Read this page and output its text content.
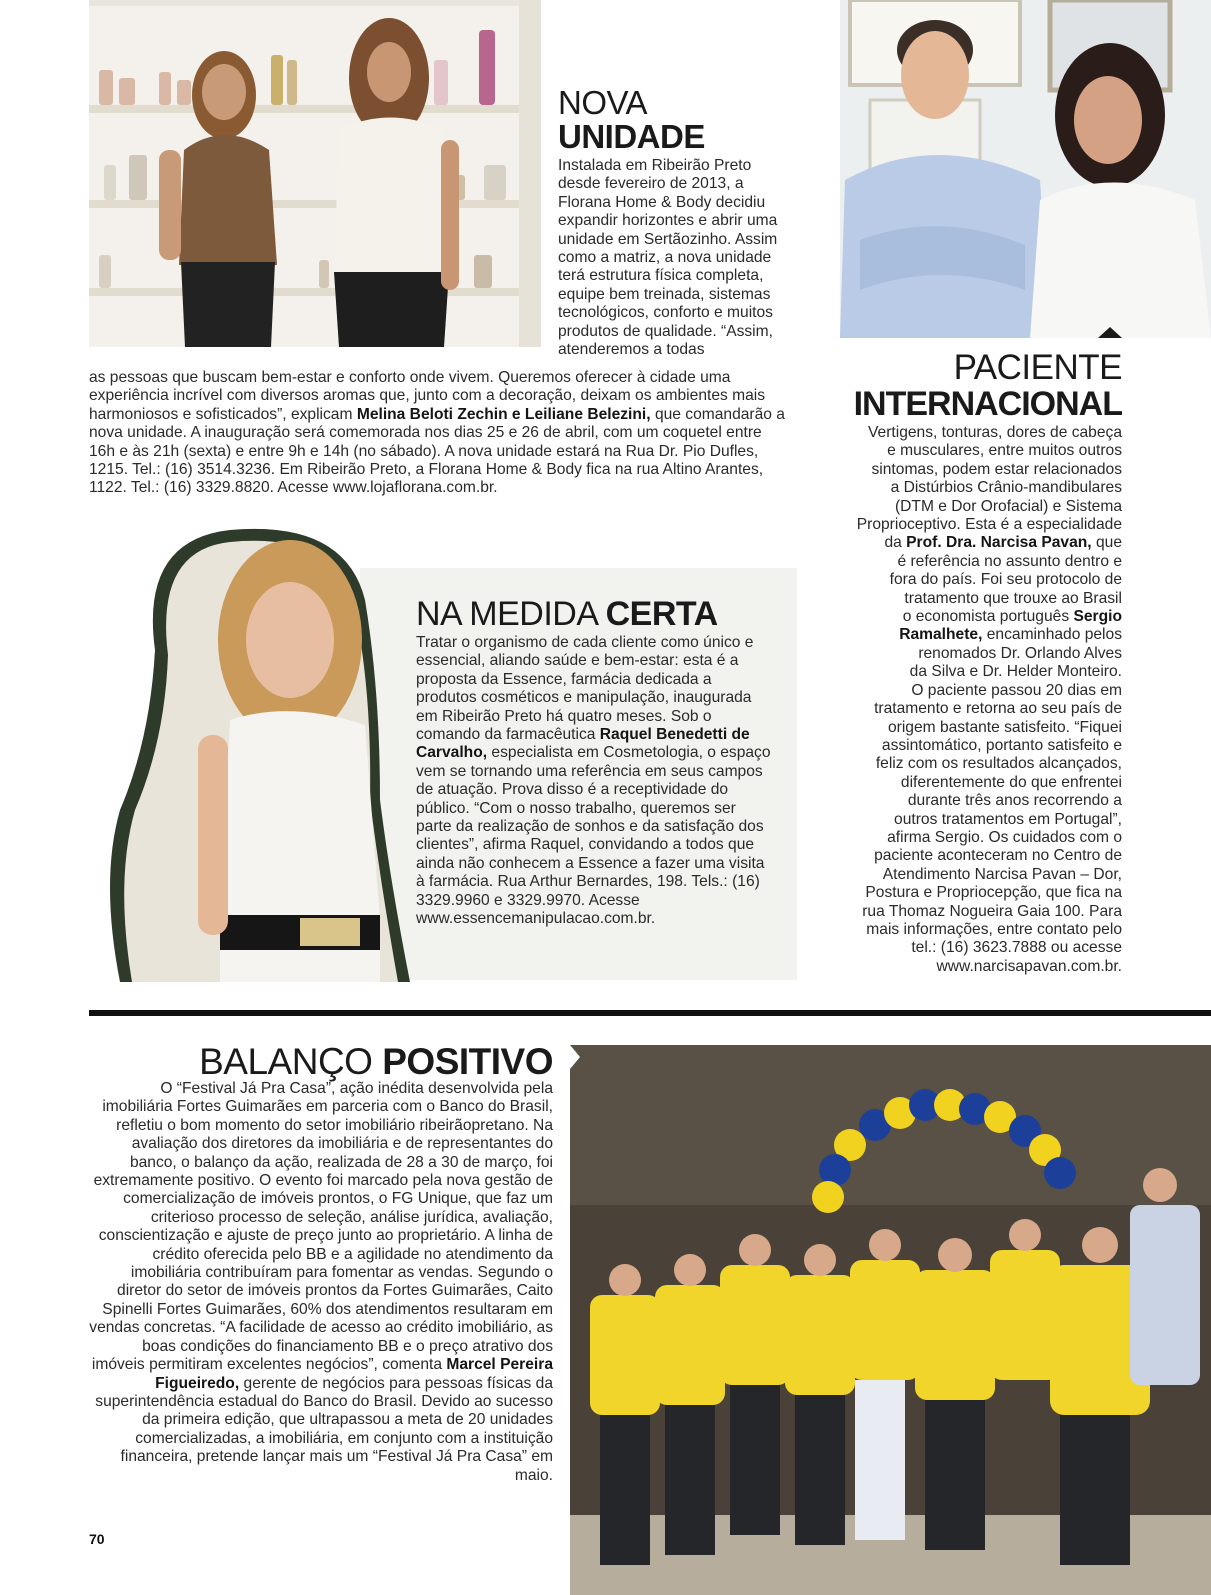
NOVA
UNIDADE

Instalada em Ribeirão Preto desde fevereiro de 2013, a Florana Home & Body decidiu expandir horizontes e abrir uma unidade em Sertãozinho. Assim como a matriz, a nova unidade terá estrutura física completa, equipe bem treinada, sistemas tecnológicos, conforto e muitos produtos de qualidade. “Assim, atenderemos a todas

as pessoas que buscam bem-estar e conforto onde vivem. Queremos oferecer à cidade uma experiência incrível com diversos aromas que, junto com a decoração, deixam os ambientes mais harmoniosos e sofisticados”, explicam Melina Beloti Zechin e Leiliane Belezini, que comandarão a nova unidade. A inauguração será comemorada nos dias 25 e 26 de abril, com um coquetel entre 16h e às 21h (sexta) e entre 9h e 14h (no sábado). A nova unidade estará na Rua Dr. Pio Dufles, 1215. Tel.: (16) 3514.3236. Em Ribeirão Preto, a Florana Home & Body fica na rua Altino Arantes, 1122. Tel.: (16) 3329.8820. Acesse www.lojaflorana.com.br.

PACIENTE
INTERNACIONAL
Vertigens, tonturas, dores de cabeça
e musculares, entre muitos outros
sintomas, podem estar relacionados
a Distúrbios Crânio-mandibulares
(DTM e Dor Orofacial) e Sistema
Proprioceptivo. Esta é a especialidade
da Prof. Dra. Narcisa Pavan, que
é referência no assunto dentro e
fora do país. Foi seu protocolo de
tratamento que trouxe ao Brasil
o economista português Sergio
Ramalhete, encaminhado pelos
renomados Dr. Orlando Alves
da Silva e Dr. Helder Monteiro.
O paciente passou 20 dias em
tratamento e retorna ao seu país de
origem bastante satisfeito. “Fiquei
assintomático, portanto satisfeito e
feliz com os resultados alcançados,
diferentemente do que enfrentei
durante três anos recorrendo a
outros tratamentos em Portugal”,
afirma Sergio. Os cuidados com o
paciente aconteceram no Centro de
Atendimento Narcisa Pavan – Dor,
Postura e Propriocepção, que fica na
rua Thomaz Nogueira Gaia 100. Para
mais informações, entre contato pelo
tel.: (16) 3623.7888 ou acesse
www.narcisapavan.com.br.
NA MEDIDA CERTA

Tratar o organismo de cada cliente como único e essencial, aliando saúde e bem-estar: esta é a proposta da Essence, farmácia dedicada a produtos cosméticos e manipulação, inaugurada em Ribeirão Preto há quatro meses. Sob o comando da farmacêutica Raquel Benedetti de Carvalho, especialista em Cosmetologia, o espaço vem se tornando uma referência em seus campos de atuação. Prova disso é a receptividade do público. “Com o nosso trabalho, queremos ser parte da realização de sonhos e da satisfação dos clientes”, afirma Raquel, convidando a todos que ainda não conhecem a Essence a fazer uma visita à farmácia. Rua Arthur Bernardes, 198. Tels.: (16) 3329.9960 e 3329.9970. Acesse www.essencemanipulacao.com.br.

BALANÇO POSITIVO

O “Festival Já Pra Casa”, ação inédita desenvolvida pela imobiliária Fortes Guimarães em parceria com o Banco do Brasil, refletiu o bom momento do setor imobiliário ribeirãopretano. Na avaliação dos diretores da imobiliária e de representantes do banco, o balanço da ação, realizada de 28 a 30 de março, foi extremamente positivo. O evento foi marcado pela nova gestão de comercialização de imóveis prontos, o FG Unique, que faz um criterioso processo de seleção, análise jurídica, avaliação, conscientização e ajuste de preço junto ao proprietário. A linha de crédito oferecida pelo BB e a agilidade no atendimento da imobiliária contribuíram para fomentar as vendas. Segundo o diretor do setor de imóveis prontos da Fortes Guimarães, Caito Spinelli Fortes Guimarães, 60% dos atendimentos resultaram em vendas concretas. “A facilidade de acesso ao crédito imobiliário, as boas condições do financiamento BB e o preço atrativo dos imóveis permitiram excelentes negócios”, comenta Marcel Pereira Figueiredo, gerente de negócios para pessoas físicas da superintendência estadual do Banco do Brasil. Devido ao sucesso da primeira edição, que ultrapassou a meta de 20 unidades comercializadas, a imobiliária, em conjunto com a instituição financeira, pretende lançar mais um “Festival Já Pra Casa” em maio.

70
